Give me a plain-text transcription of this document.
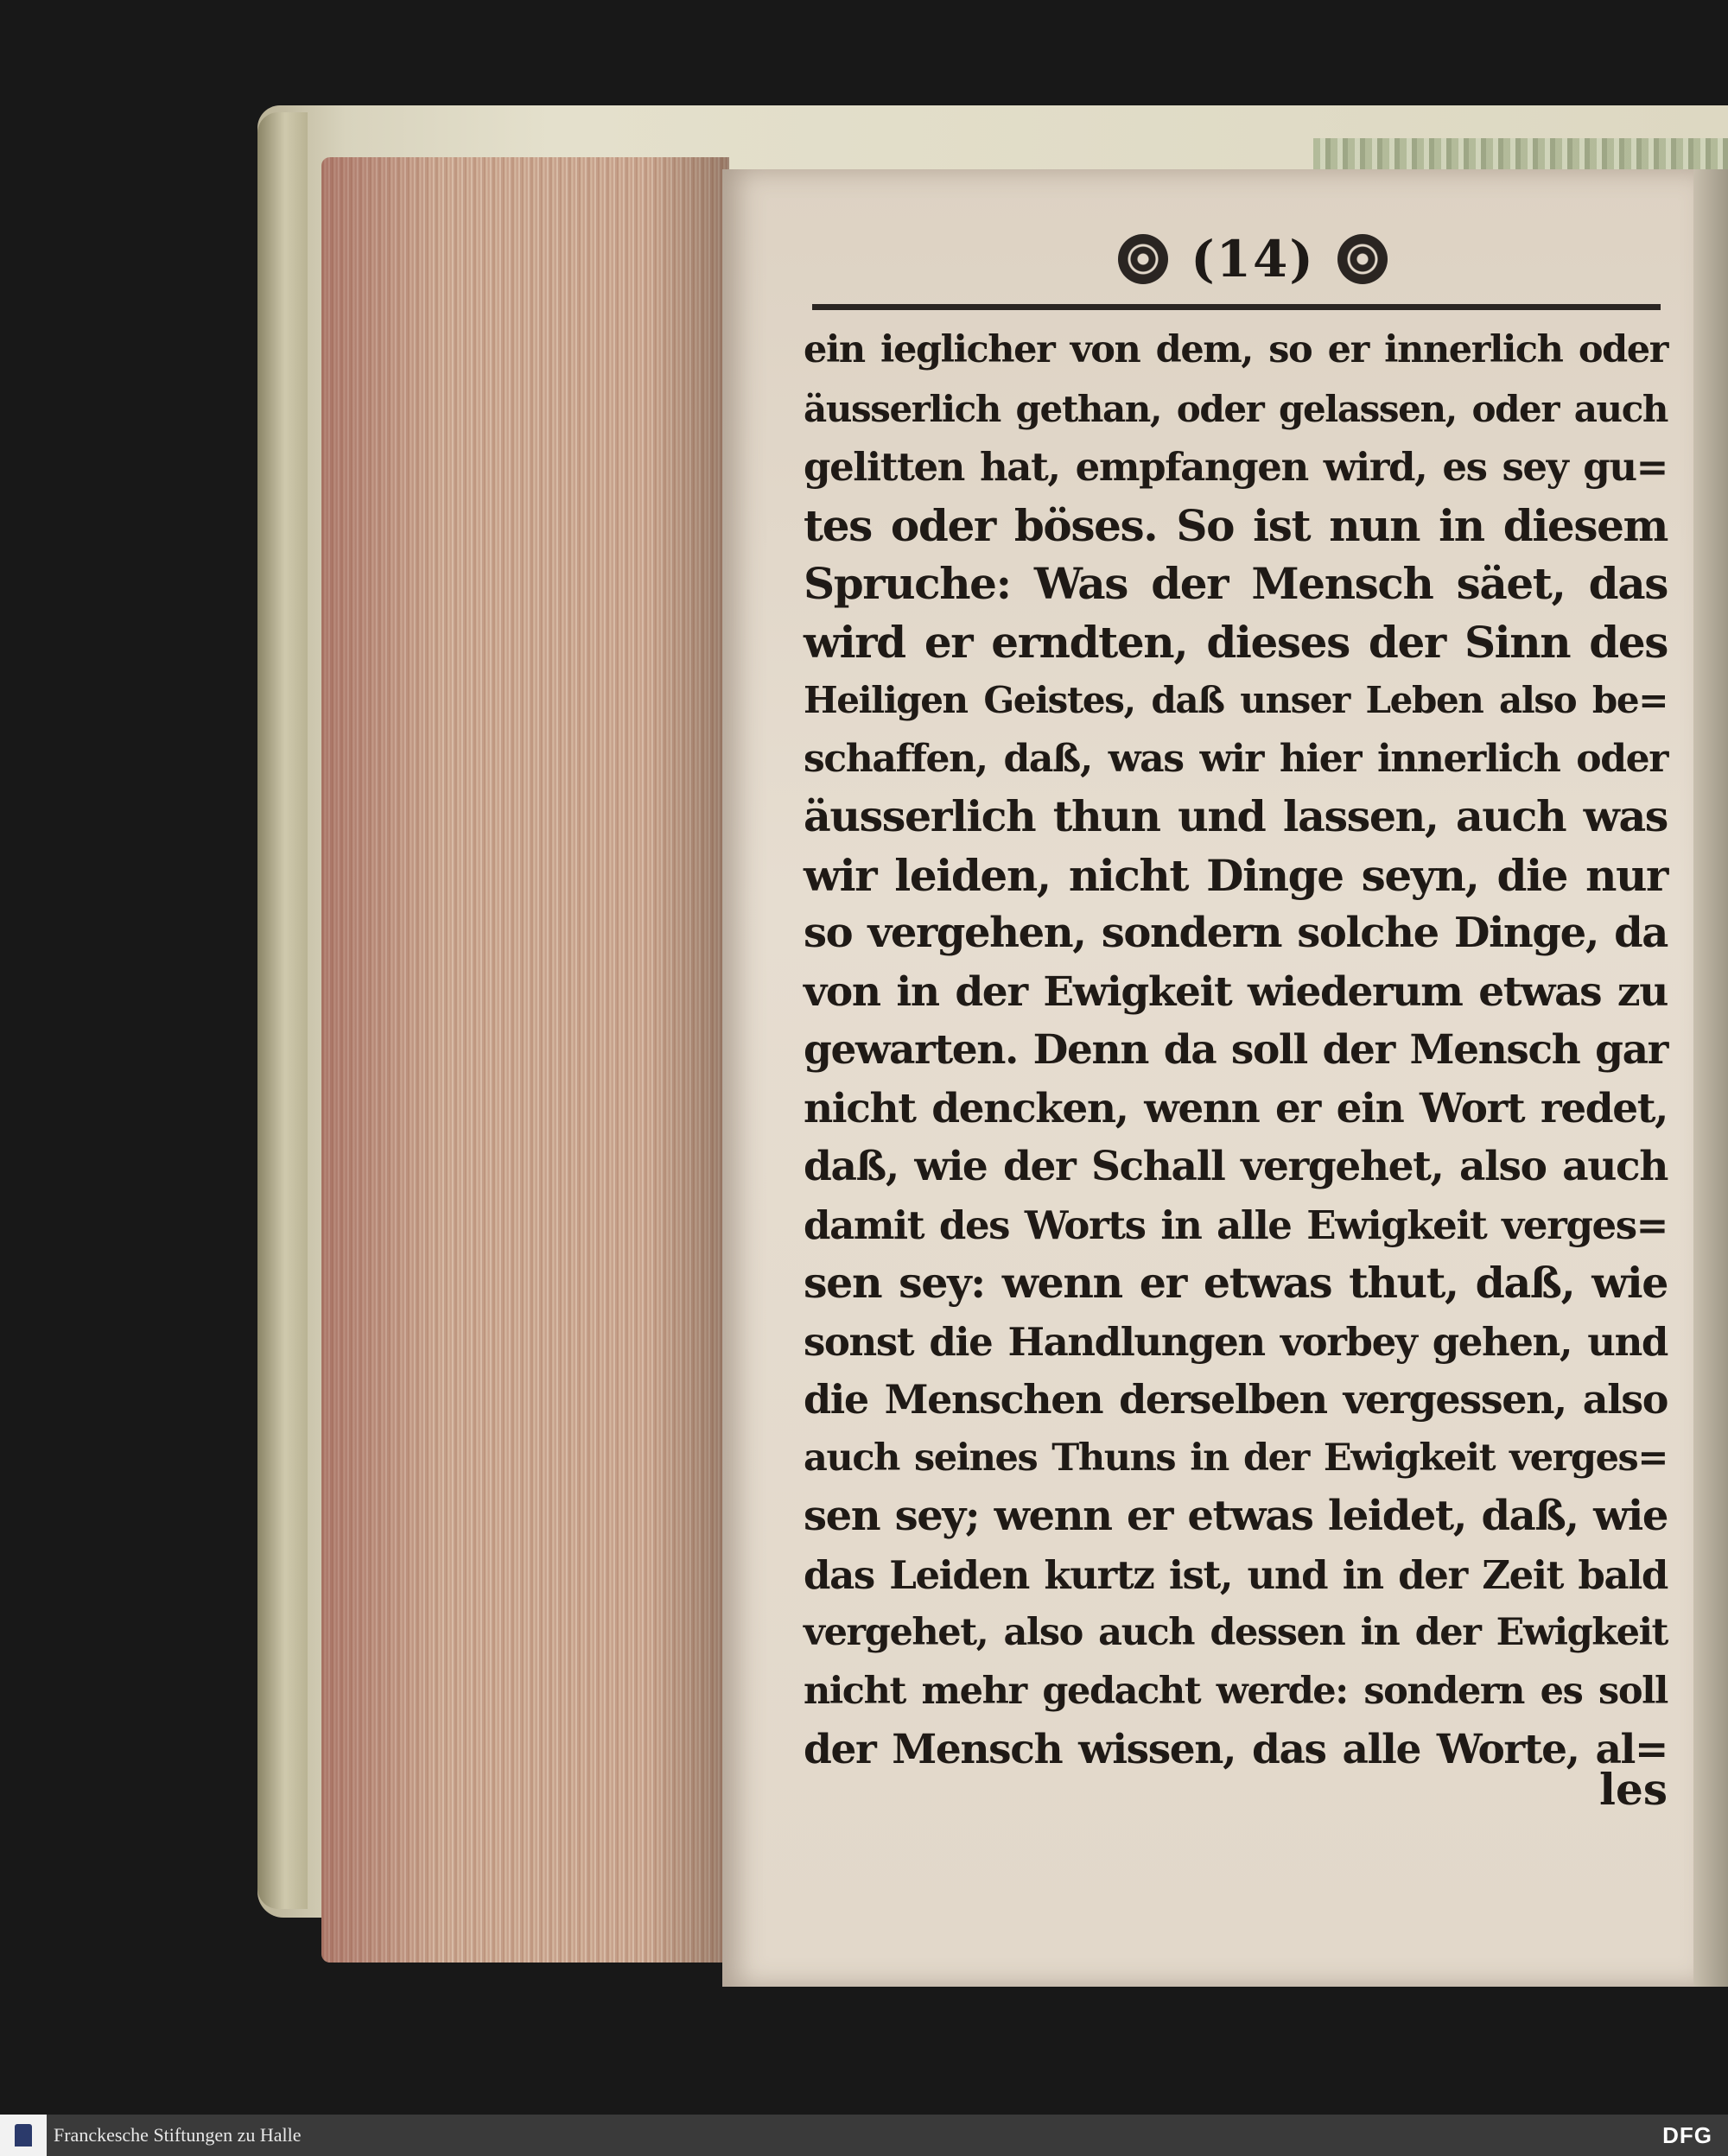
(14)
ein ieglicher von dem, so er innerlich oder
äusserlich gethan, oder gelassen, oder auch
gelitten hat, empfangen wird, es sey gu=
tes oder böses. So ist nun in diesem
Spruche: Was der Mensch säet, das
wird er erndten, dieses der Sinn des
Heiligen Geistes, daß unser Leben also be=
schaffen, daß, was wir hier innerlich oder
äusserlich thun und lassen, auch was
wir leiden, nicht Dinge seyn, die nur
so vergehen, sondern solche Dinge, da
von in der Ewigkeit wiederum etwas zu
gewarten. Denn da soll der Mensch gar
nicht dencken, wenn er ein Wort redet,
daß, wie der Schall vergehet, also auch
damit des Worts in alle Ewigkeit verges=
sen sey: wenn er etwas thut, daß, wie
sonst die Handlungen vorbey gehen, und
die Menschen derselben vergessen, also
auch seines Thuns in der Ewigkeit verges=
sen sey; wenn er etwas leidet, daß, wie
das Leiden kurtz ist, und in der Zeit bald
vergehet, also auch dessen in der Ewigkeit
nicht mehr gedacht werde: sondern es soll
der Mensch wissen, das alle Worte, al=
les
Franckesche Stiftungen zu Halle	DFG
